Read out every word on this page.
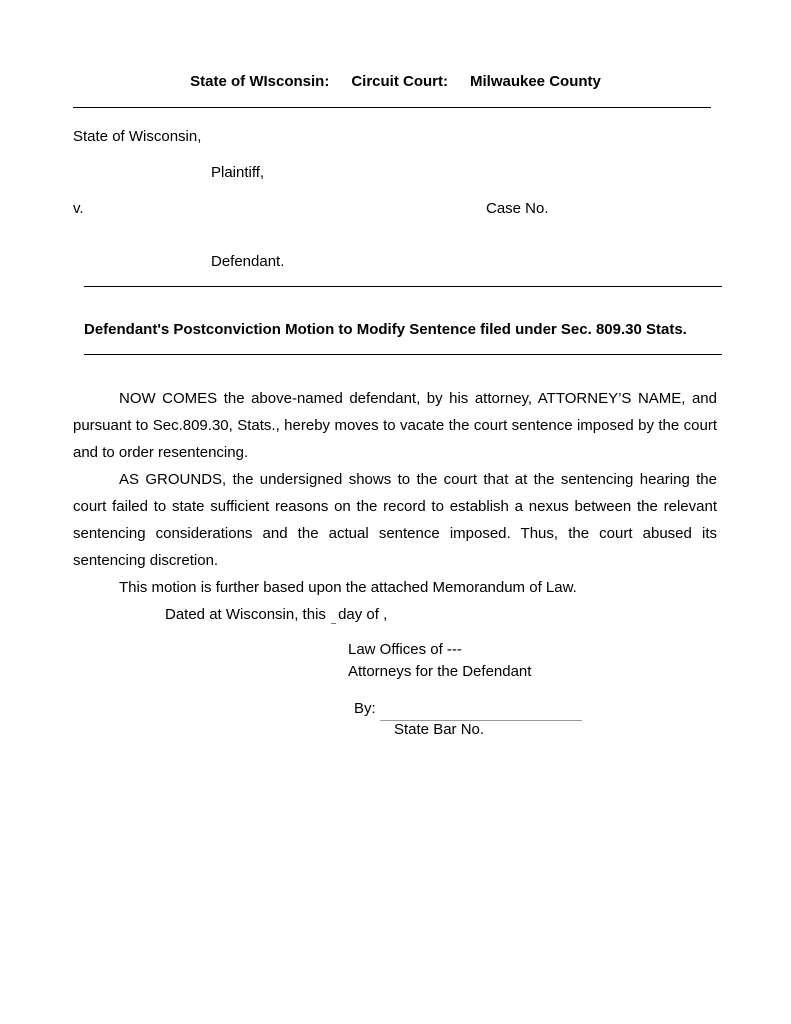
State of WIsconsin: Circuit Court: Milwaukee County
State of Wisconsin,
Plaintiff,
v.	Case No.
Defendant.
Defendant's Postconviction Motion to Modify Sentence filed under Sec. 809.30 Stats.

NOW COMES the above-named defendant, by his attorney, ATTORNEY’S NAME, and pursuant to Sec.809.30, Stats., hereby moves to vacate the court sentence imposed by the court and to order resentencing.

AS GROUNDS, the undersigned shows to the court that at the sentencing hearing the court failed to state sufficient reasons on the record to establish a nexus between the relevant sentencing considerations and the actual sentence imposed. Thus, the court abused its sentencing discretion.

This motion is further based upon the attached Memorandum of Law.
Dated at Wisconsin, this day of ,
Law Offices of ---
Attorneys for the Defendant
By:
State Bar No.
